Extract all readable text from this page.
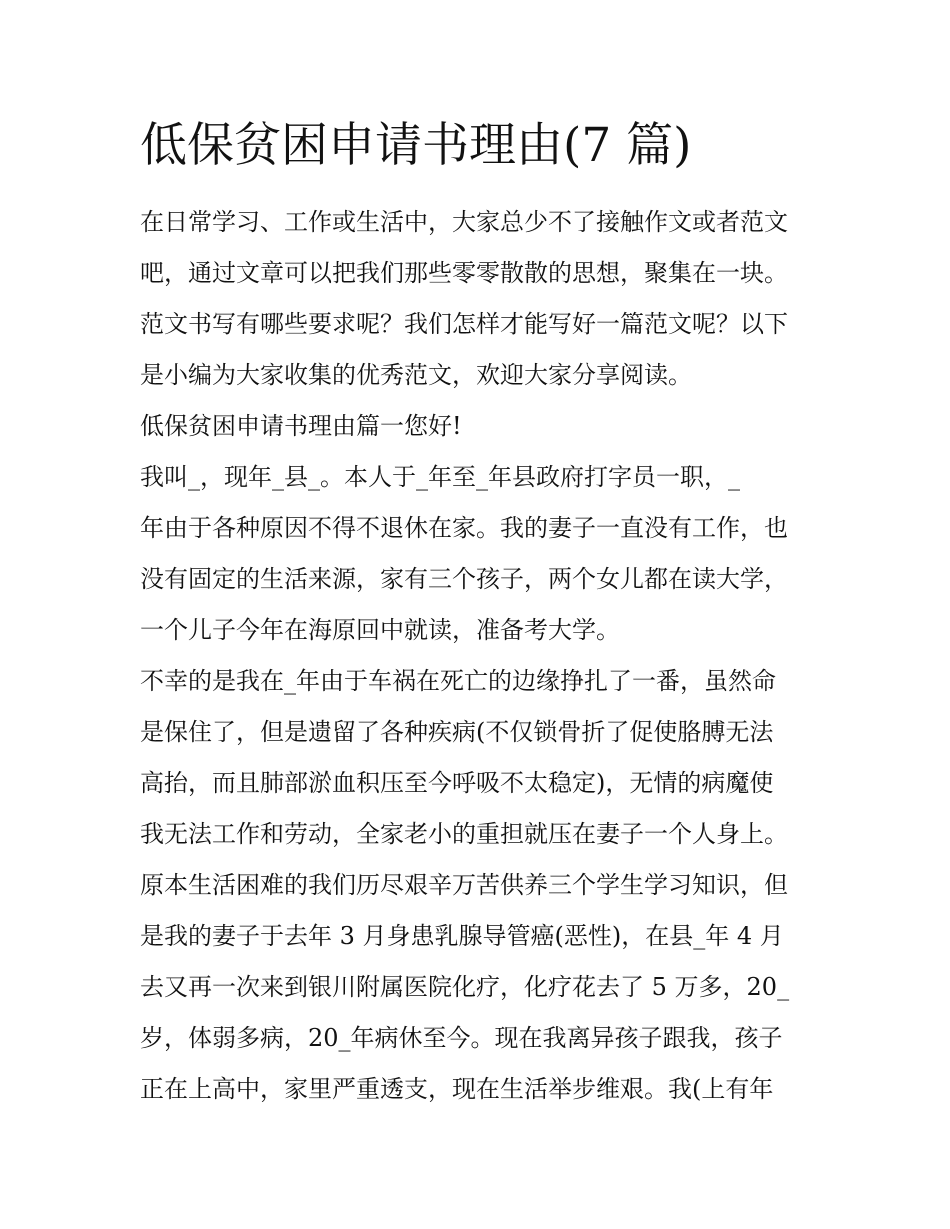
低保贫困申请书理由(7 篇)
在日常学习、工作或生活中，大家总少不了接触作文或者范文
吧，通过文章可以把我们那些零零散散的思想，聚集在一块。
范文书写有哪些要求呢？我们怎样才能写好一篇范文呢？以下
是小编为大家收集的优秀范文，欢迎大家分享阅读。
低保贫困申请书理由篇一您好!
我叫_，现年_县_。本人于_年至_年县政府打字员一职，_
年由于各种原因不得不退休在家。我的妻子一直没有工作，也
没有固定的生活来源，家有三个孩子，两个女儿都在读大学，
一个儿子今年在海原回中就读，准备考大学。
不幸的是我在_年由于车祸在死亡的边缘挣扎了一番，虽然命
是保住了，但是遗留了各种疾病(不仅锁骨折了促使胳膊无法
高抬，而且肺部淤血积压至今呼吸不太稳定)，无情的病魔使
我无法工作和劳动，全家老小的重担就压在妻子一个人身上。
原本生活困难的我们历尽艰辛万苦供养三个学生学习知识，但
是我的妻子于去年 3 月身患乳腺导管癌(恶性)，在县_年 4 月
去又再一次来到银川附属医院化疗，化疗花去了 5 万多，20_
岁，体弱多病，20_年病休至今。现在我离异孩子跟我，孩子
正在上高中，家里严重透支，现在生活举步维艰。我(上有年
